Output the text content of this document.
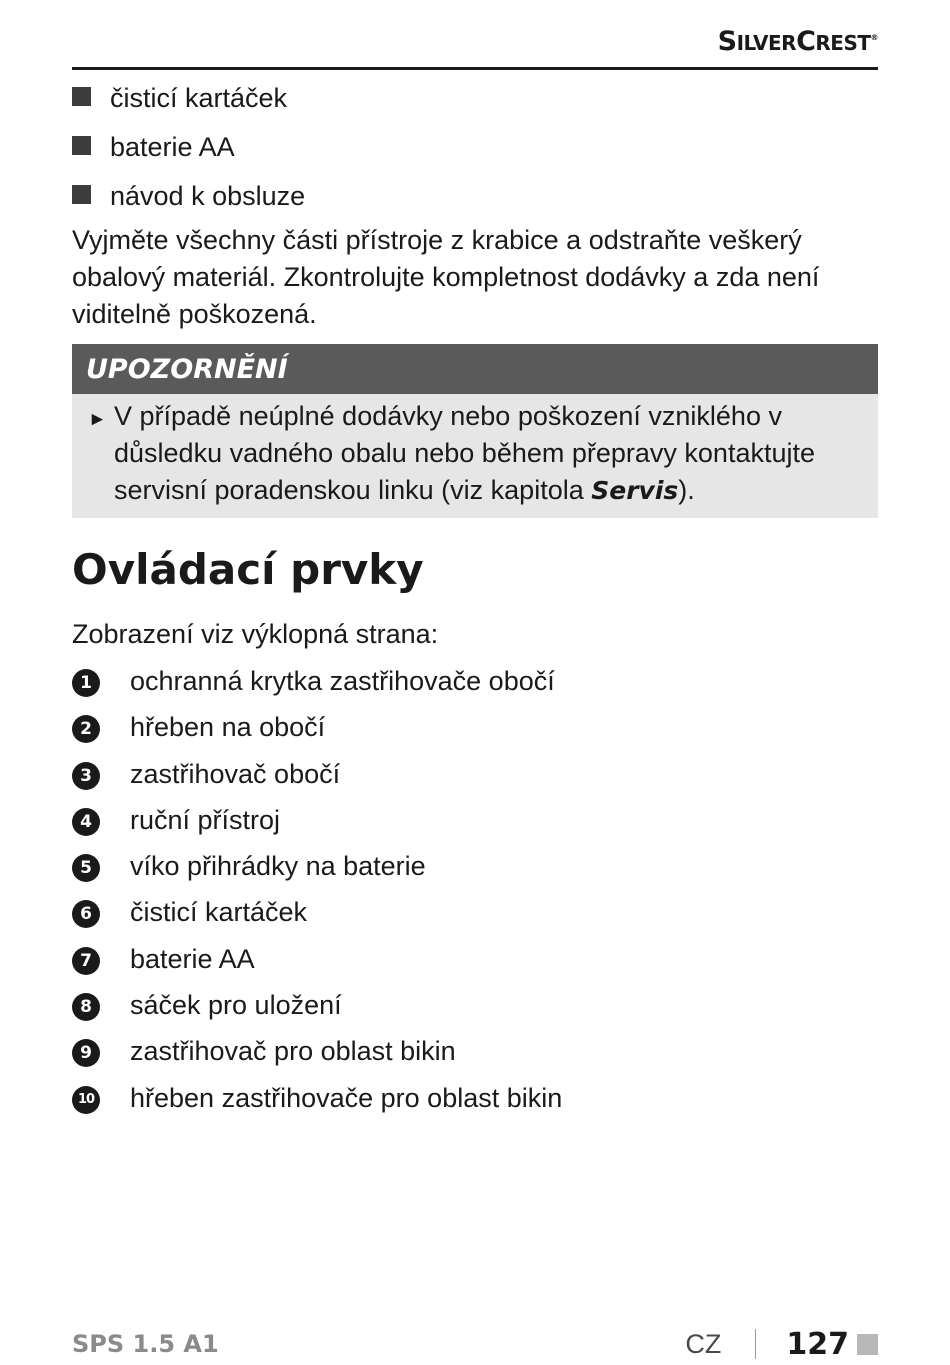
SILVERCREST®
čisticí kartáček
baterie AA
návod k obsluze

Vyjměte všechny části přístroje z krabice a odstraňte veškerý obalový materiál. Zkontrolujte kompletnost dodávky a zda není viditelně poškozená.

UPOZORNĚNÍ
► V případě neúplné dodávky nebo poškození vzniklého v důsledku vadného obalu nebo během přepravy kontaktujte servisní poradenskou linku (viz kapitola Servis).
Ovládací prvky

Zobrazení viz výklopná strana:

1 ochranná krytka zastřihovače obočí
2 hřeben na obočí
3 zastřihovač obočí
4 ruční přístroj
5 víko přihrádky na baterie
6 čisticí kartáček
7 baterie AA
8 sáček pro uložení
9 zastřihovač pro oblast bikin
10 hřeben zastřihovače pro oblast bikin
SPS 1.5 A1	CZ 127
